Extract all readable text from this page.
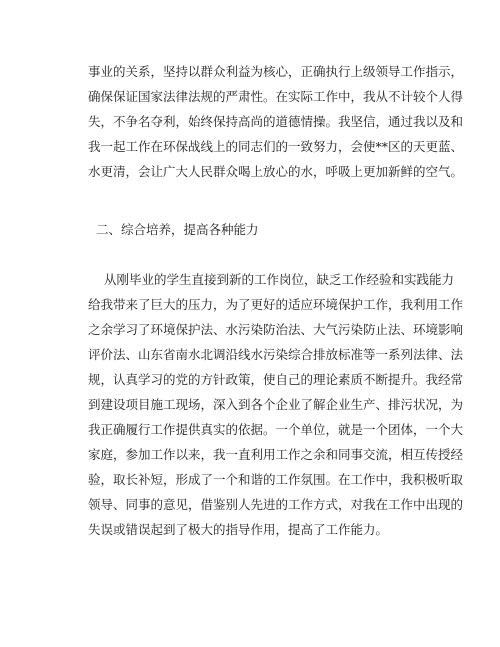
事业的关系，坚持以群众利益为核心，正确执行上级领导工作指示，
确保保证国家法律法规的严肃性。在实际工作中，我从不计较个人得
失，不争名夺利，始终保持高尚的道德情操。我坚信，通过我以及和
我一起工作在环保战线上的同志们的一致努力，会使**区的天更蓝、
水更清，会让广大人民群众喝上放心的水，呼吸上更加新鲜的空气。
二、综合培养，提高各种能力
从刚毕业的学生直接到新的工作岗位，缺乏工作经验和实践能力
给我带来了巨大的压力，为了更好的适应环境保护工作，我利用工作
之余学习了环境保护法、水污染防治法、大气污染防止法、环境影响
评价法、山东省南水北调沿线水污染综合排放标准等一系列法律、法
规，认真学习的党的方针政策，使自己的理论素质不断提升。我经常
到建设项目施工现场，深入到各个企业了解企业生产、排污状况，为
我正确履行工作提供真实的依据。一个单位，就是一个团体，一个大
家庭，参加工作以来，我一直利用工作之余和同事交流，相互传授经
验，取长补短，形成了一个和谐的工作氛围。在工作中，我积极听取
领导、同事的意见，借鉴别人先进的工作方式，对我在工作中出现的
失误或错误起到了极大的指导作用，提高了工作能力。
